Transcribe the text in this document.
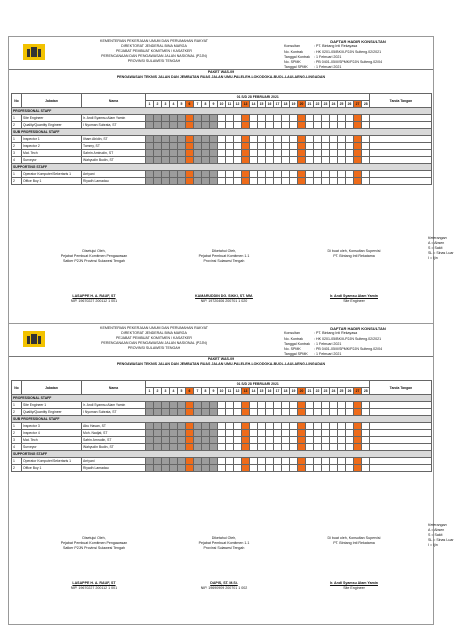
KEMENTERIAN PEKERJAAN UMUM DAN PERUMAHAN RAKYAT
DIREKTORAT JENDERAL BINA MARGA
PEJABAT PEMBUAT KOMITMEN / KASATKER
PERENCANAAN DAN PENGAWASAN JALAN NASIONAL (P2JN)
PROVINSI SULAWESI TENGAH
DAFTAR HADIR KONSULTAN
Konsultan	: PT. Bintang Inti Rekayasa
No. Kontrak	: HK 0201-05/BK/II-P2JN Sulteng.02/2021
Tanggal Kontrak	: 1 Februari 2021
No. SPMK	: PB 0401-05/II/SPMK/P2JN Sulteng.02/04
Tanggal SPMK	: 1 Februari 2021
PAKET WAS-09
PENGAWASAN TEKNIS JALAN DAN JEMBATAN RUAS JALAN UMU-PALELEH-LOKODOKA-BUOL-LAULAENG-LINGADAN
No	Jabatan	Nama	01 S/D 28 FEBRUARI 2021																												Tanda Tangan
			1	2	3	4	5	6	7	8	9	10	11	12	13	14	15	16	17	18	19	20	21	22	23	24	25	26	27	28	
PROFESSIONAL STAFF																															
1	Site Engineer	Ir. Andi Syamsu Alam Yamin																													
2	Quality/Quantity Engineer	I Nyoman Subrata, ST																													
SUB PROFESSIONAL STAFF																															
1	Inspector 1	Ilham Abidin, ST																													
2	Inspector 2	Tommy, ST																													
3	Mat. Tech	Sahrin Amirudin, ST																													
4	Surveyor	Wahyudin Budin, ST																													
SUPPORTING STAFF																															
1	Operator Komputer/Sekertaris 1	Arriyani																													
2	Office Boy 1	Riyadh Lamadau																													
Disetujui Oleh,
Pejabat Pembuat Komitmen Pengawasan
Satker P2JN Provinsi Sulawesi Tengah
LASAPPE H. A. RAUF, ST
NIP. 19670227 200112 1 001
Diketahui Oleh,
Pejabat Pembuat Komitmen 1.1
Provinsi Sulawesi Tengah
KAMARUDDIN DG. SIKKI, ST. MM.
NIP. 19720406 200701 1 020
Di buat oleh, Konsultan Supervisi
PT. Bintang Inti Rekatama
Ir. Andi Syamsu Alam Yamin
Site Engineer
KEMENTERIAN PEKERJAAN UMUM DAN PERUMAHAN RAKYAT
DIREKTORAT JENDERAL BINA MARGA
PEJABAT PEMBUAT KOMITMEN / KASATKER
PERENCANAAN DAN PENGAWASAN JALAN NASIONAL (P2JN)
PROVINSI SULAWESI TENGAH
DAFTAR HADIR KONSULTAN
Konsultan	: PT. Bintang Inti Rekayasa
No. Kontrak	: HK 0201-05/BK/II-P2JN Sulteng.02/2021
Tanggal Kontrak	: 1 Februari 2021
No. SPMK	: PB 0401-05/II/SPMK/P2JN Sulteng.02/04
Tanggal SPMK	: 1 Februari 2021
PAKET WAS-09
PENGAWASAN TEKNIS JALAN DAN JEMBATAN RUAS JALAN UMU-PALELEH-LOKODOKA-BUOL-LAULAENG-LINGADAN
No	Jabatan	Nama	01 S/D 28 FEBRUARI 2021																												Tanda Tangan
			1	2	3	4	5	6	7	8	9	10	11	12	13	14	15	16	17	18	19	20	21	22	23	24	25	26	27	28	
PROFESSIONAL STAFF																															
1	Site Engineer 1	Ir. Andi Syamsu Alam Yamin																													
2	Quality/Quantity Engineer	I Nyoman Subrata, ST																													
SUB PROFESSIONAL STAFF																															
1	Inspector 3	Abu Hasan, ST																													
2	Inspector 4	Moh. Nadjat, ST																													
3	Mat. Tech	Safrin Amrudin, ST																													
4	Surveyor	Wahyudin Budin, ST																													
SUPPORTING STAFF																															
1	Operator Komputer/Sekertaris 1	Arriyani																													
2	Office Boy 1	Riyadh Lamadau																													
Disetujui Oleh,
Pejabat Pembuat Komitmen Pengawasan
Satker P2JN Provinsi Sulawesi Tengah
LASAPPE H. A. RAUF, ST
NIP. 19670227 200112 1 001
Diketahui Oleh,
Pejabat Pembuat Komitmen 1.1
Provinsi Sulawesi Tengah
DAPIS, ST. M.Si.
NIP. 19690909 200701 1 002
Di buat oleh, Konsultan Supervisi
PT. Bintang Inti Rekatama
Ir. Andi Syamsu Alam Yamin
Site Engineer
Keterangan
A = Absen
S = Sakit
SL = Sinas Luar
I = Ijin
Keterangan
A = Absen
S = Sakit
SL = Sinas Luar
I = Ijin
